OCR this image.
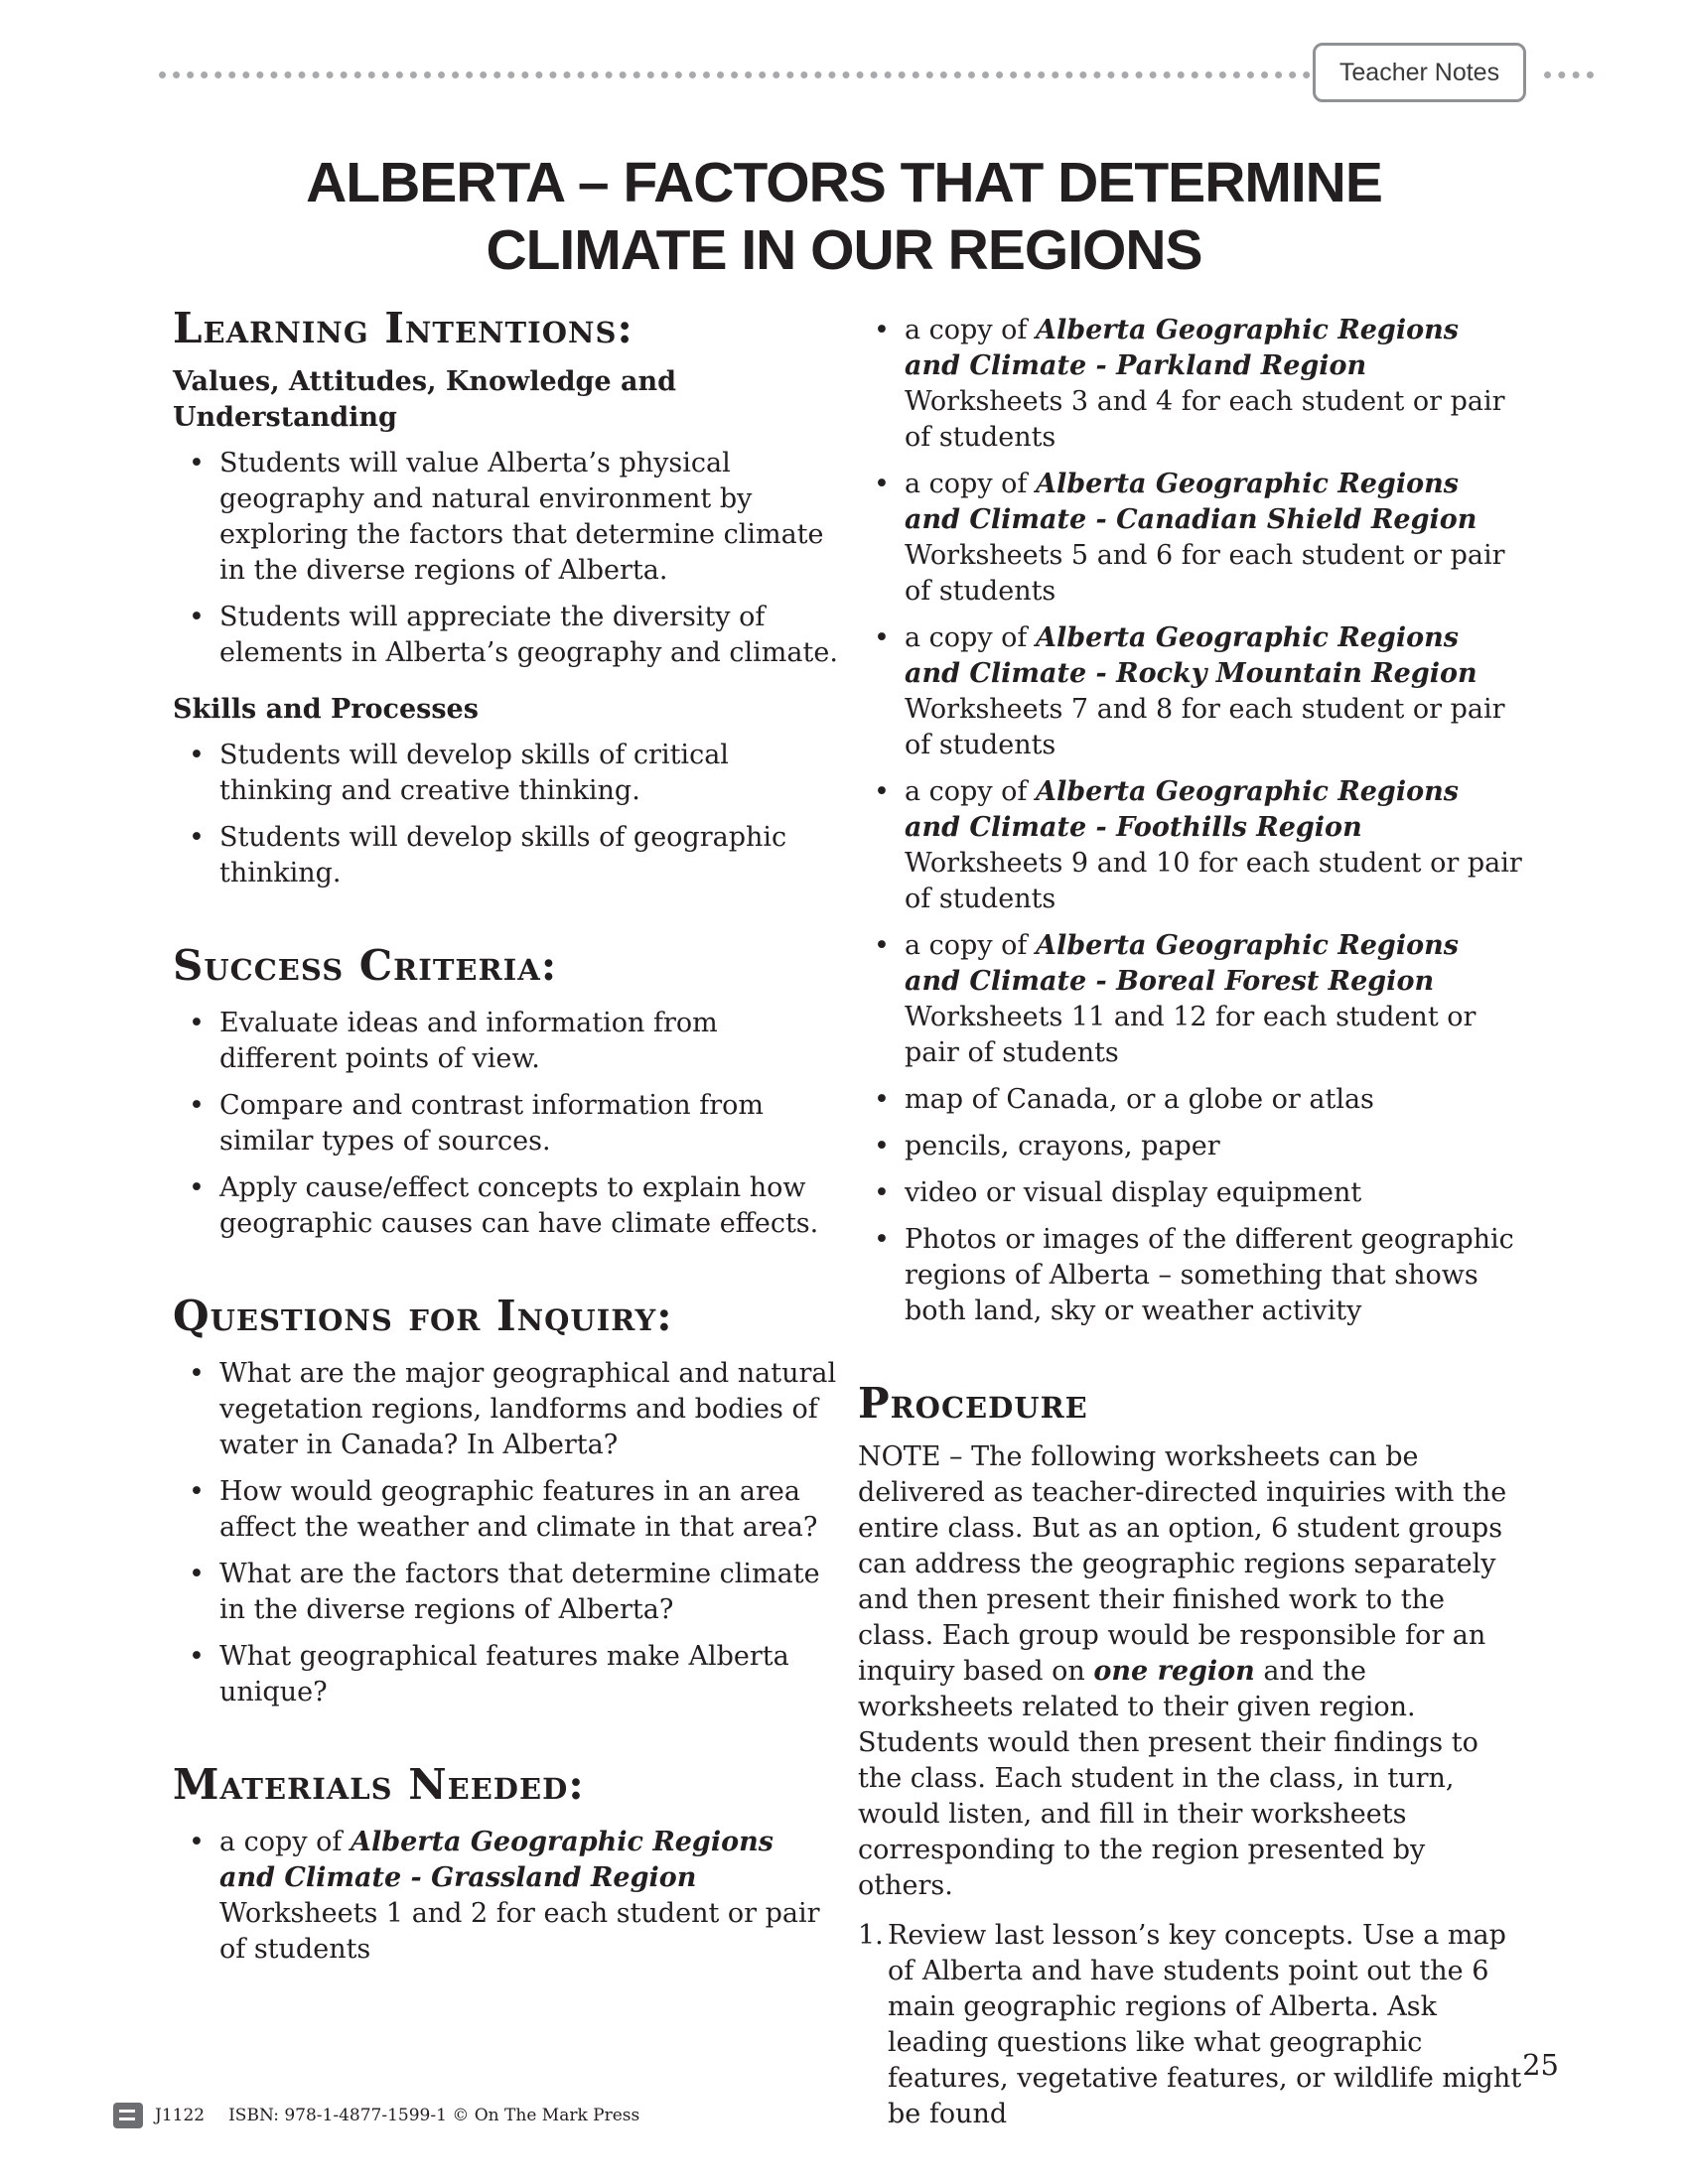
Teacher Notes
ALBERTA – FACTORS THAT DETERMINE
CLIMATE IN OUR REGIONS
Learning Intentions:
Values, Attitudes, Knowledge and Understanding
• Students will value Alberta’s physical geography and natural environment by exploring the factors that determine climate in the diverse regions of Alberta.
• Students will appreciate the diversity of elements in Alberta’s geography and climate.
Skills and Processes
• Students will develop skills of critical thinking and creative thinking.
• Students will develop skills of geographic thinking.
Success Criteria:
• Evaluate ideas and information from different points of view.
• Compare and contrast information from similar types of sources.
• Apply cause/effect concepts to explain how geographic causes can have climate effects.
Questions for Inquiry:
• What are the major geographical and natural vegetation regions, landforms and bodies of water in Canada? In Alberta?
• How would geographic features in an area affect the weather and climate in that area?
• What are the factors that determine climate in the diverse regions of Alberta?
• What geographical features make Alberta unique?
Materials Needed:
• a copy of Alberta Geographic Regions and Climate - Grassland Region Worksheets 1 and 2 for each student or pair of students
• a copy of Alberta Geographic Regions and Climate - Parkland Region Worksheets 3 and 4 for each student or pair of students
• a copy of Alberta Geographic Regions and Climate - Canadian Shield Region Worksheets 5 and 6 for each student or pair of students
• a copy of Alberta Geographic Regions and Climate - Rocky Mountain Region Worksheets 7 and 8 for each student or pair of students
• a copy of Alberta Geographic Regions and Climate - Foothills Region Worksheets 9 and 10 for each student or pair of students
• a copy of Alberta Geographic Regions and Climate - Boreal Forest Region Worksheets 11 and 12 for each student or pair of students
• map of Canada, or a globe or atlas
• pencils, crayons, paper
• video or visual display equipment
• Photos or images of the different geographic regions of Alberta – something that shows both land, sky or weather activity
Procedure

NOTE – The following worksheets can be delivered as teacher-directed inquiries with the entire class. But as an option, 6 student groups can address the geographic regions separately and then present their finished work to the class. Each group would be responsible for an inquiry based on one region and the worksheets related to their given region. Students would then present their findings to the class. Each student in the class, in turn, would listen, and fill in their worksheets corresponding to the region presented by others.

1. Review last lesson’s key concepts. Use a map of Alberta and have students point out the 6 main geographic regions of Alberta. Ask leading questions like what geographic features, vegetative features, or wildlife might be found
J1122 ISBN: 978-1-4877-1599-1 © On The Mark Press
25
